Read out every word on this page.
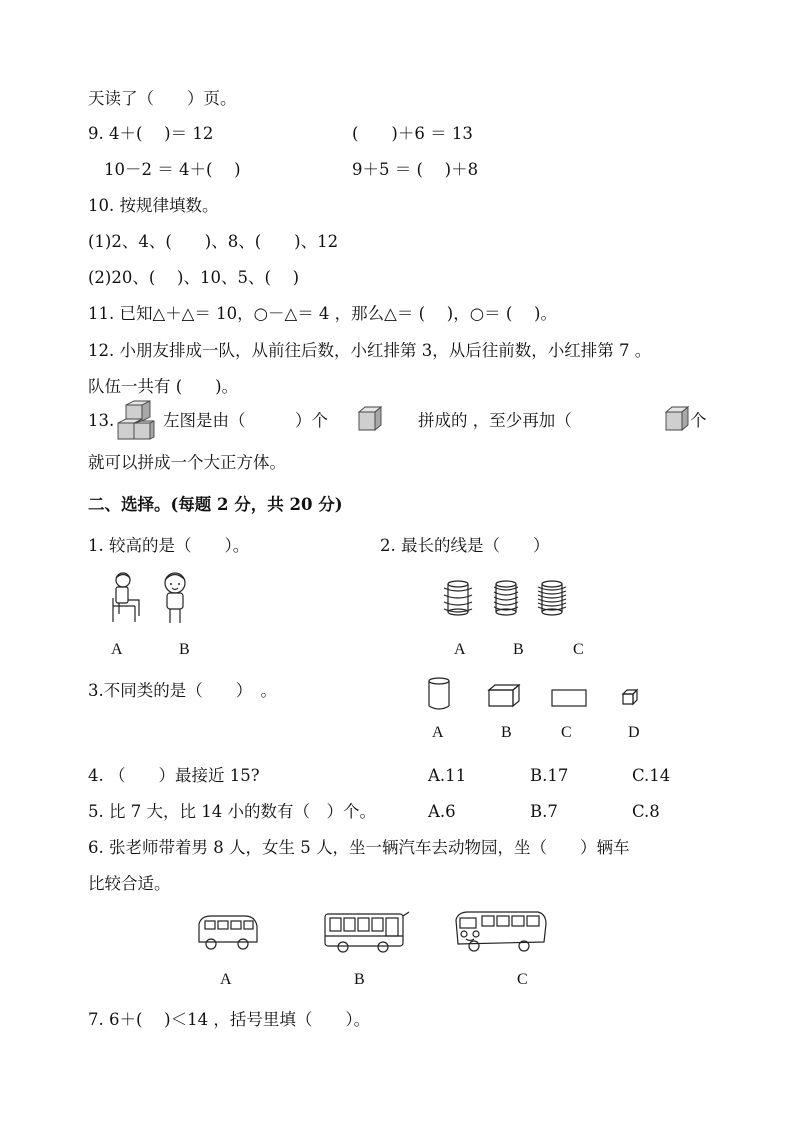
天读了（　　）页。
9. 4＋(　 )＝ 12	(　　)＋6 ＝ 13
10－2 ＝ 4＋(　 )	9＋5 ＝ (　 )＋8
10. 按规律填数。
(1)2、4、(　　)、8、(　　)、12
(2)20、(　 )、10、5、(　 )
11. 已知△＋△＝ 10，○－△＝ 4 ，那么△＝ (　 )，○＝ (　 )。
12. 小朋友排成一队，从前往后数，小红排第 3，从后往前数，小红排第 7 。
队伍一共有 (　　)。
13.	左图是由（　　　）个	拼成的 ，至少再加（	个
就可以拼成一个大正方体。
二、选择。(每题 2 分，共 20 分)
1. 较高的是（　　）。	2. 最长的线是（　　）
A	B	A	B	C
3.不同类的是（　　）　。
A	B	C	D
4. （　　）最接近 15?	A.11	B.17	C.14
5. 比 7 大，比 14 小的数有（　）个。	A.6	B.7	C.8
6. 张老师带着男 8 人，女生 5 人，坐一辆汽车去动物园，坐（　　）辆车
比较合适。
A	B	C
7. 6＋(　 )＜14 ，括号里填（　　）。
